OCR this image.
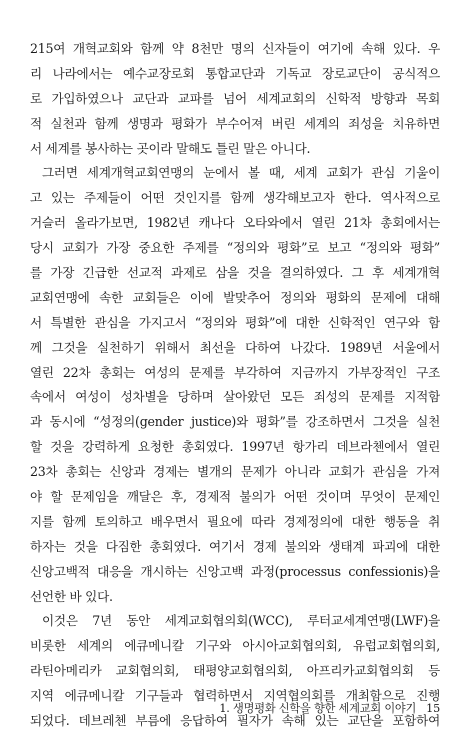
215여 개혁교회와 함께 약 8천만 명의 신자들이 여기에 속해 있다. 우
리 나라에서는 예수교장로회 통합교단과 기독교 장로교단이 공식적으
로 가입하였으나 교단과 교파를 넘어 세계교회의 신학적 방향과 목회
적 실천과 함께 생명과 평화가 부수어져 버린 세계의 죄성을 치유하면
서 세계를 봉사하는 곳이라 말해도 틀린 말은 아니다.
그러면 세계개혁교회연맹의 눈에서 볼 때, 세계 교회가 관심 기울이
고 있는 주제들이 어떤 것인지를 함께 생각해보고자 한다. 역사적으로
거슬러 올라가보면, 1982년 캐나다 오타와에서 열린 21차 총회에서는
당시 교회가 가장 중요한 주제를 “정의와 평화”로 보고 “정의와 평화”
를 가장 긴급한 선교적 과제로 삼을 것을 결의하였다. 그 후 세계개혁
교회연맹에 속한 교회들은 이에 발맞추어 정의와 평화의 문제에 대해
서 특별한 관심을 가지고서 “정의와 평화”에 대한 신학적인 연구와 함
께 그것을 실천하기 위해서 최선을 다하여 나갔다. 1989년 서울에서
열린 22차 총회는 여성의 문제를 부각하여 지금까지 가부장적인 구조
속에서 여성이 성차별을 당하며 살아왔던 모든 죄성의 문제를 지적함
과 동시에 “성정의(gender justice)와 평화”를 강조하면서 그것을 실천
할 것을 강력하게 요청한 총회였다. 1997년 항가리 데브라첸에서 열린
23차 총회는 신앙과 경제는 별개의 문제가 아니라 교회가 관심을 가져
야 할 문제임을 깨달은 후, 경제적 불의가 어떤 것이며 무엇이 문제인
지를 함께 토의하고 배우면서 필요에 따라 경제정의에 대한 행동을 취
하자는 것을 다짐한 총회였다. 여기서 경제 불의와 생태계 파괴에 대한
신앙고백적 대응을 개시하는 신앙고백 과정(processus confessionis)을
선언한 바 있다.
이것은 7년 동안 세계교회협의회(WCC), 루터교세계연맹(LWF)을
비롯한 세계의 에큐메니칼 기구와 아시아교회협의회, 유럽교회협의회,
라틴아메리카 교회협의회, 태평양교회협의회, 아프리카교회협의회 등
지역 에큐메니칼 기구들과 협력하면서 지역협의회를 개최함으로 진행
되었다. 데브레첸 부름에 응답하여 필자가 속해 있는 교단을 포함하여
1. 생명평화 신학을 향한 세계교회 이야기 15
